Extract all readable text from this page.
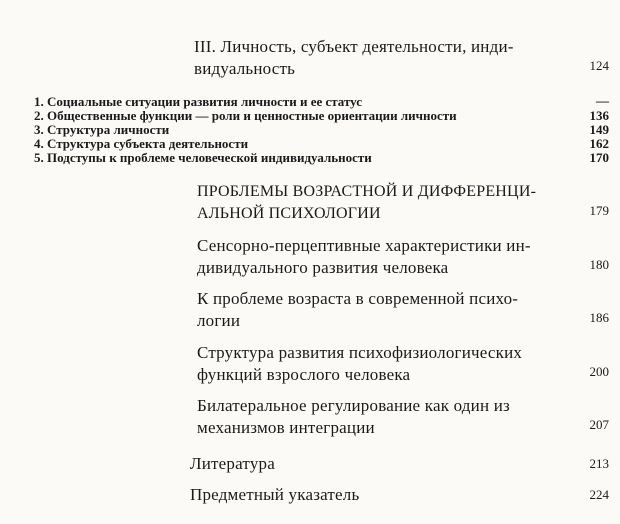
III. Личность, субъект деятельности, инди-
видуальность	124
1. Социальные ситуации развития личности и ее статус	—
2. Общественные функции — роли и ценностные ориентации личности	136
3. Структура личности	149
4. Структура субъекта деятельности	162
5. Подступы к проблеме человеческой индивидуальности	170
ПРОБЛЕМЫ ВОЗРАСТНОЙ И ДИФФЕРЕНЦИ-
АЛЬНОЙ ПСИХОЛОГИИ	179
Сенсорно-перцептивные характеристики ин-
дивидуального развития человека	180
К проблеме возраста в современной психо-
логии	186
Структура развития психофизиологических
функций взрослого человека	200
Билатеральное регулирование как один из
механизмов интеграции	207
Литература	213
Предметный указатель	224
